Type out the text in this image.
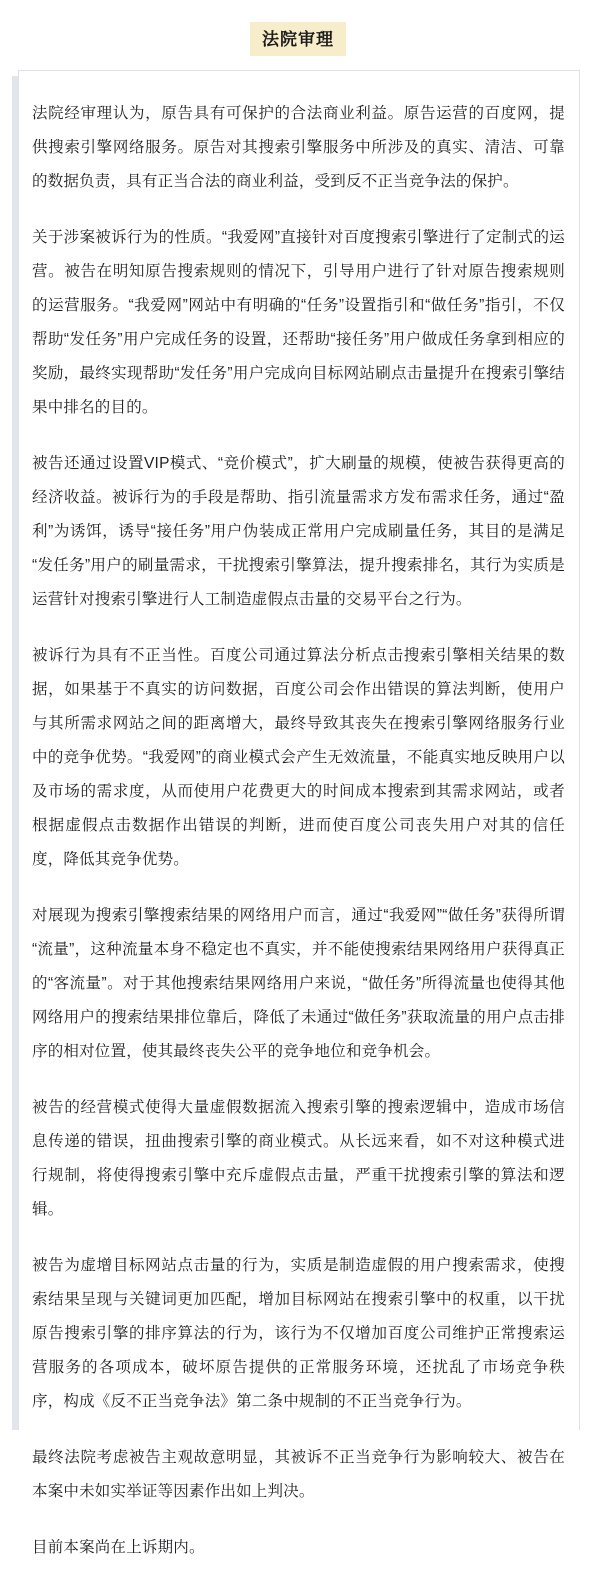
法院审理

法院经审理认为，原告具有可保护的合法商业利益。原告运营的百度网，提供搜索引擎网络服务。原告对其搜索引擎服务中所涉及的真实、清洁、可靠的数据负责，具有正当合法的商业利益，受到反不正当竞争法的保护。

关于涉案被诉行为的性质。“我爱网”直接针对百度搜索引擎进行了定制式的运营。被告在明知原告搜索规则的情况下，引导用户进行了针对原告搜索规则的运营服务。“我爱网”网站中有明确的“任务”设置指引和“做任务”指引，不仅帮助“发任务”用户完成任务的设置，还帮助“接任务”用户做成任务拿到相应的奖励，最终实现帮助“发任务”用户完成向目标网站刷点击量提升在搜索引擎结果中排名的目的。

被告还通过设置VIP模式、“竞价模式”，扩大刷量的规模，使被告获得更高的经济收益。被诉行为的手段是帮助、指引流量需求方发布需求任务，通过“盈利”为诱饵，诱导“接任务”用户伪装成正常用户完成刷量任务，其目的是满足“发任务”用户的刷量需求，干扰搜索引擎算法，提升搜索排名，其行为实质是运营针对搜索引擎进行人工制造虚假点击量的交易平台之行为。

被诉行为具有不正当性。百度公司通过算法分析点击搜索引擎相关结果的数据，如果基于不真实的访问数据，百度公司会作出错误的算法判断，使用户与其所需求网站之间的距离增大，最终导致其丧失在搜索引擎网络服务行业中的竞争优势。“我爱网”的商业模式会产生无效流量，不能真实地反映用户以及市场的需求度，从而使用户花费更大的时间成本搜索到其需求网站，或者根据虚假点击数据作出错误的判断，进而使百度公司丧失用户对其的信任度，降低其竞争优势。

对展现为搜索引擎搜索结果的网络用户而言，通过“我爱网”“做任务”获得所谓“流量”，这种流量本身不稳定也不真实，并不能使搜索结果网络用户获得真正的“客流量”。对于其他搜索结果网络用户来说，“做任务”所得流量也使得其他网络用户的搜索结果排位靠后，降低了未通过“做任务”获取流量的用户点击排序的相对位置，使其最终丧失公平的竞争地位和竞争机会。

被告的经营模式使得大量虚假数据流入搜索引擎的搜索逻辑中，造成市场信息传递的错误，扭曲搜索引擎的商业模式。从长远来看，如不对这种模式进行规制，将使得搜索引擎中充斥虚假点击量，严重干扰搜索引擎的算法和逻辑。

被告为虚增目标网站点击量的行为，实质是制造虚假的用户搜索需求，使搜索结果呈现与关键词更加匹配，增加目标网站在搜索引擎中的权重，以干扰原告搜索引擎的排序算法的行为，该行为不仅增加百度公司维护正常搜索运营服务的各项成本，破坏原告提供的正常服务环境，还扰乱了市场竞争秩序，构成《反不正当竞争法》第二条中规制的不正当竞争行为。

最终法院考虑被告主观故意明显，其被诉不正当竞争行为影响较大、被告在本案中未如实举证等因素作出如上判决。

目前本案尚在上诉期内。
